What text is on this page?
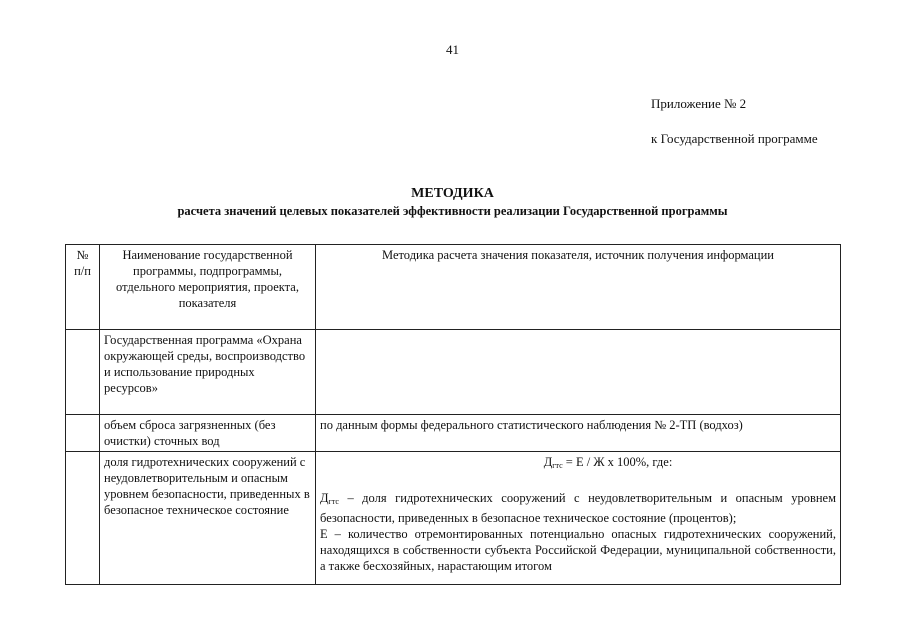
41
Приложение № 2
к Государственной программе
МЕТОДИКА
расчета значений целевых показателей эффективности реализации Государственной программы
№ п/п	Наименование государственной программы, подпрограммы, отдельного мероприятия, проекта, показателя	Методика расчета значения показателя, источник получения информации
	Государственная программа «Охрана окружающей среды, воспроизводство и использование природных ресурсов»	
	объем сброса загрязненных (без очистки) сточных вод	по данным формы федерального статистического наблюдения № 2-ТП (водхоз)
	доля гидротехнических сооружений с неудовлетворительным и опасным уровнем безопасности, приведенных в безопасное техническое состояние	$Д_{гтс} = Е / Ж$ х 100%, где:
$Д_{гтс}$ – доля гидротехнических сооружений с неудовлетворительным и опасным уровнем безопасности, приведенных в безопасное техническое состояние (процентов);
Е – количество отремонтированных потенциально опасных гидротехнических сооружений, находящихся в собственности субъекта Российской Федерации, муниципальной собственности, а также бесхозяйных, нарастающим итогом
